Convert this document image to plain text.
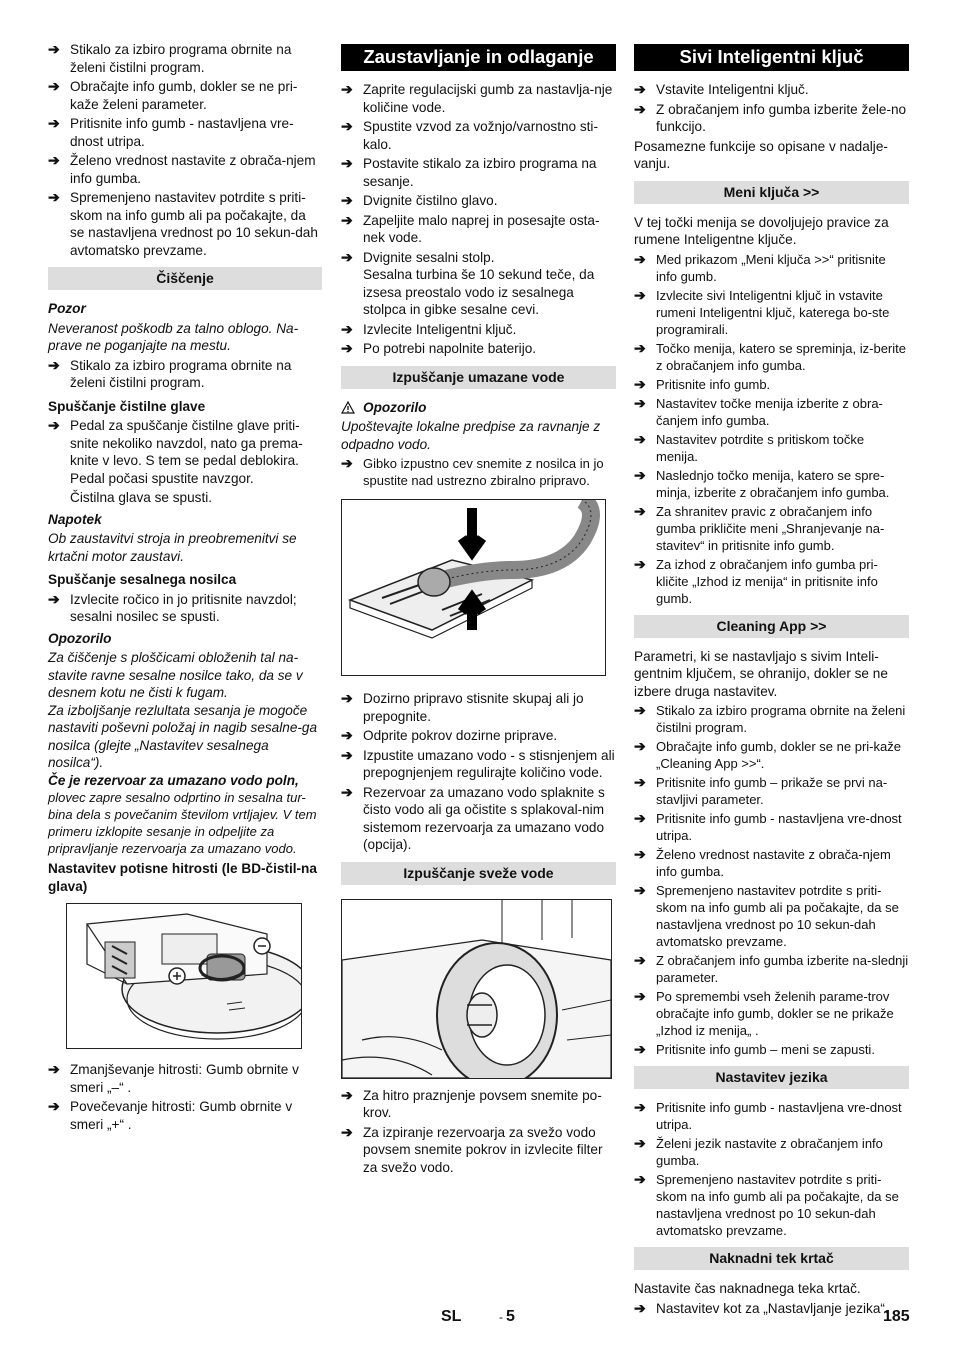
➔ Stikalo za izbiro programa obrnite na želeni čistilni program.
➔ Obračajte info gumb, dokler se ne pri-kaže želeni parameter.
➔ Pritisnite info gumb - nastavljena vre-dnost utripa.
➔ Želeno vrednost nastavite z obrača-njem info gumba.
➔ Spremenjeno nastavitev potrdite s priti-skom na info gumb ali pa počakajte, da se nastavljena vrednost po 10 sekun-dah avtomatsko prevzame.
Čiščenje
Pozor
Neveranost poškodb za talno oblogo. Na-prave ne poganjajte na mestu.
➔ Stikalo za izbiro programa obrnite na želeni čistilni program.
Spuščanje čistilne glave
➔ Pedal za spuščanje čistilne glave priti-snite nekoliko navzdol, nato ga prema-knite v levo. S tem se pedal deblokira. Pedal počasi spustite navzgor.
Čistilna glava se spusti.
Napotek
Ob zaustavitvi stroja in preobremenitvi se krtačni motor zaustavi.
Spuščanje sesalnega nosilca
➔ Izvlecite ročico in jo pritisnite navzdol; sesalni nosilec se spusti.
Opozorilo
Za čiščenje s ploščicami obloženih tal na-stavite ravne sesalne nosilce tako, da se v desnem kotu ne čisti k fugam.
Za izboljšanje rezlultata sesanja je mogoče nastaviti poševni položaj in nagib sesalne-ga nosilca (glejte „Nastavitev sesalnega nosilca“).
Če je rezervoar za umazano vodo poln,
plovec zapre sesalno odprtino in sesalna tur-bina dela s povečanim številom vrtljajev. V tem primeru izklopite sesanje in odpeljite za pripravljanje rezervoarja za umazano vodo.
Nastavitev potisne hitrosti (le BD-čistil-na glava)
➔ Zmanjševanje hitrosti: Gumb obrnite v smeri „–“ .
➔ Povečevanje hitrosti: Gumb obrnite v smeri „+“ .
Zaustavljanje in odlaganje
➔ Zaprite regulacijski gumb za nastavlja-nje količine vode.
➔ Spustite vzvod za vožnjo/varnostno sti-kalo.
➔ Postavite stikalo za izbiro programa na sesanje.
➔ Dvignite čistilno glavo.
➔ Zapeljite malo naprej in posesajte osta-nek vode.
➔ Dvignite sesalni stolp.
Sesalna turbina še 10 sekund teče, da izsesa preostalo vodo iz sesalnega stolpca in gibke sesalne cevi.
➔ Izvlecite Inteligentni ključ.
➔ Po potrebi napolnite baterijo.
Izpuščanje umazane vode
Opozorilo
Upoštevajte lokalne predpise za ravnanje z odpadno vodo.
➔ Gibko izpustno cev snemite z nosilca in jo spustite nad ustrezno zbiralno pripravo.
➔ Dozirno pripravo stisnite skupaj ali jo prepognite.
➔ Odprite pokrov dozirne priprave.
➔ Izpustite umazano vodo - s stisnjenjem ali prepognjenjem regulirajte količino vode.
➔ Rezervoar za umazano vodo splaknite s čisto vodo ali ga očistite s splakoval-nim sistemom rezervoarja za umazano vodo (opcija).
Izpuščanje sveže vode
➔ Za hitro praznjenje povsem snemite po-krov.
➔ Za izpiranje rezervoarja za svežo vodo povsem snemite pokrov in izvlecite filter za svežo vodo.
Sivi Inteligentni ključ
➔ Vstavite Inteligentni ključ.
➔ Z obračanjem info gumba izberite žele-no funkcijo.
Posamezne funkcije so opisane v nadalje-vanju.
Meni ključa >>
V tej točki menija se dovoljujejo pravice za rumene Inteligentne ključe.
➔ Med prikazom „Meni ključa >>“ pritisnite info gumb.
➔ Izvlecite sivi Inteligentni ključ in vstavite rumeni Inteligentni ključ, katerega bo-ste programirali.
➔ Točko menija, katero se spreminja, iz-berite z obračanjem info gumba.
➔ Pritisnite info gumb.
➔ Nastavitev točke menija izberite z obra-čanjem info gumba.
➔ Nastavitev potrdite s pritiskom točke menija.
➔ Naslednjo točko menija, katero se spre-minja, izberite z obračanjem info gumba.
➔ Za shranitev pravic z obračanjem info gumba prikličite meni „Shranjevanje na-stavitev“ in pritisnite info gumb.
➔ Za izhod z obračanjem info gumba pri-kličite „Izhod iz menija“ in pritisnite info gumb.
Cleaning App >>
Parametri, ki se nastavljajo s sivim Inteli-gentnim ključem, se ohranijo, dokler se ne izbere druga nastavitev.
➔ Stikalo za izbiro programa obrnite na želeni čistilni program.
➔ Obračajte info gumb, dokler se ne pri-kaže „Cleaning App >>“.
➔ Pritisnite info gumb – prikaže se prvi na-stavljivi parameter.
➔ Pritisnite info gumb - nastavljena vre-dnost utripa.
➔ Želeno vrednost nastavite z obrača-njem info gumba.
➔ Spremenjeno nastavitev potrdite s priti-skom na info gumb ali pa počakajte, da se nastavljena vrednost po 10 sekun-dah avtomatsko prevzame.
➔ Z obračanjem info gumba izberite na-slednji parameter.
➔ Po spremembi vseh želenih parame-trov obračajte info gumb, dokler se ne prikaže „Izhod iz menija„ .
➔ Pritisnite info gumb – meni se zapusti.
Nastavitev jezika
➔ Pritisnite info gumb - nastavljena vre-dnost utripa.
➔ Želeni jezik nastavite z obračanjem info gumba.
➔ Spremenjeno nastavitev potrdite s priti-skom na info gumb ali pa počakajte, da se nastavljena vrednost po 10 sekun-dah avtomatsko prevzame.
Naknadni tek krtač
Nastavite čas naknadnega teka krtač.
➔ Nastavitev kot za „Nastavljanje jezika“.
SL	- 5	185
